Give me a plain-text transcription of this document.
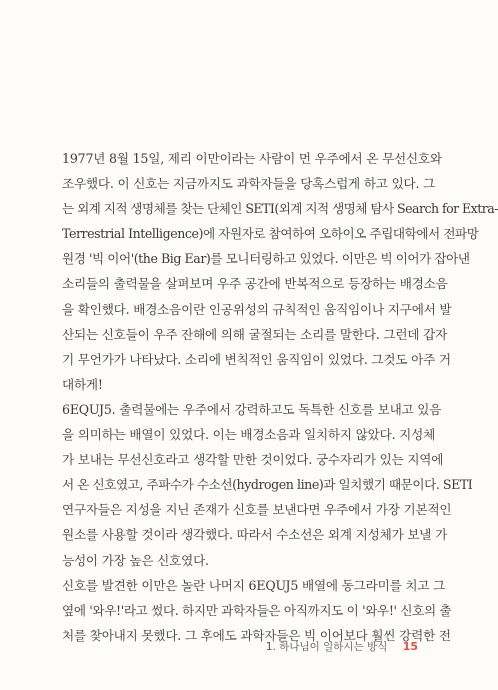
1977년 8월 15일, 제리 이만이라는 사람이 먼 우주에서 온 무선신호와
조우했다. 이 신호는 지금까지도 과학자들을 당혹스럽게 하고 있다. 그
는 외계 지적 생명체를 찾는 단체인 SETI(외계 지적 생명체 탐사 Search for Extra-
Terrestrial Intelligence)에 자원자로 참여하여 오하이오 주립대학에서 전파망
원경 '빅 이어'(the Big Ear)를 모니터링하고 있었다. 이만은 빅 이어가 잡아낸
소리들의 출력물을 살펴보며 우주 공간에 반복적으로 등장하는 배경소음
을 확인했다. 배경소음이란 인공위성의 규칙적인 움직임이나 지구에서 발
산되는 신호들이 우주 잔해에 의해 굴절되는 소리를 말한다. 그런데 갑자
기 무언가가 나타났다. 소리에 변칙적인 움직임이 있었다. 그것도 아주 거
대하게!

6EQUJ5. 출력물에는 우주에서 강력하고도 독특한 신호를 보내고 있음
을 의미하는 배열이 있었다. 이는 배경소음과 일치하지 않았다. 지성체
가 보내는 무선신호라고 생각할 만한 것이었다. 궁수자리가 있는 지역에
서 온 신호였고, 주파수가 수소선(hydrogen line)과 일치했기 때문이다. SETI
연구자들은 지성을 지닌 존재가 신호를 보낸다면 우주에서 가장 기본적인
원소를 사용할 것이라 생각했다. 따라서 수소선은 외계 지성체가 보낼 가
능성이 가장 높은 신호였다.

신호를 발견한 이만은 놀란 나머지 6EQUJ5 배열에 동그라미를 치고 그
옆에 '와우!'라고 썼다. 하지만 과학자들은 아직까지도 이 '와우!' 신호의 출
처를 찾아내지 못했다. 그 후에도 과학자들은 빅 이어보다 훨씬 강력한 전

1. 하나님이 일하시는 방식 15
